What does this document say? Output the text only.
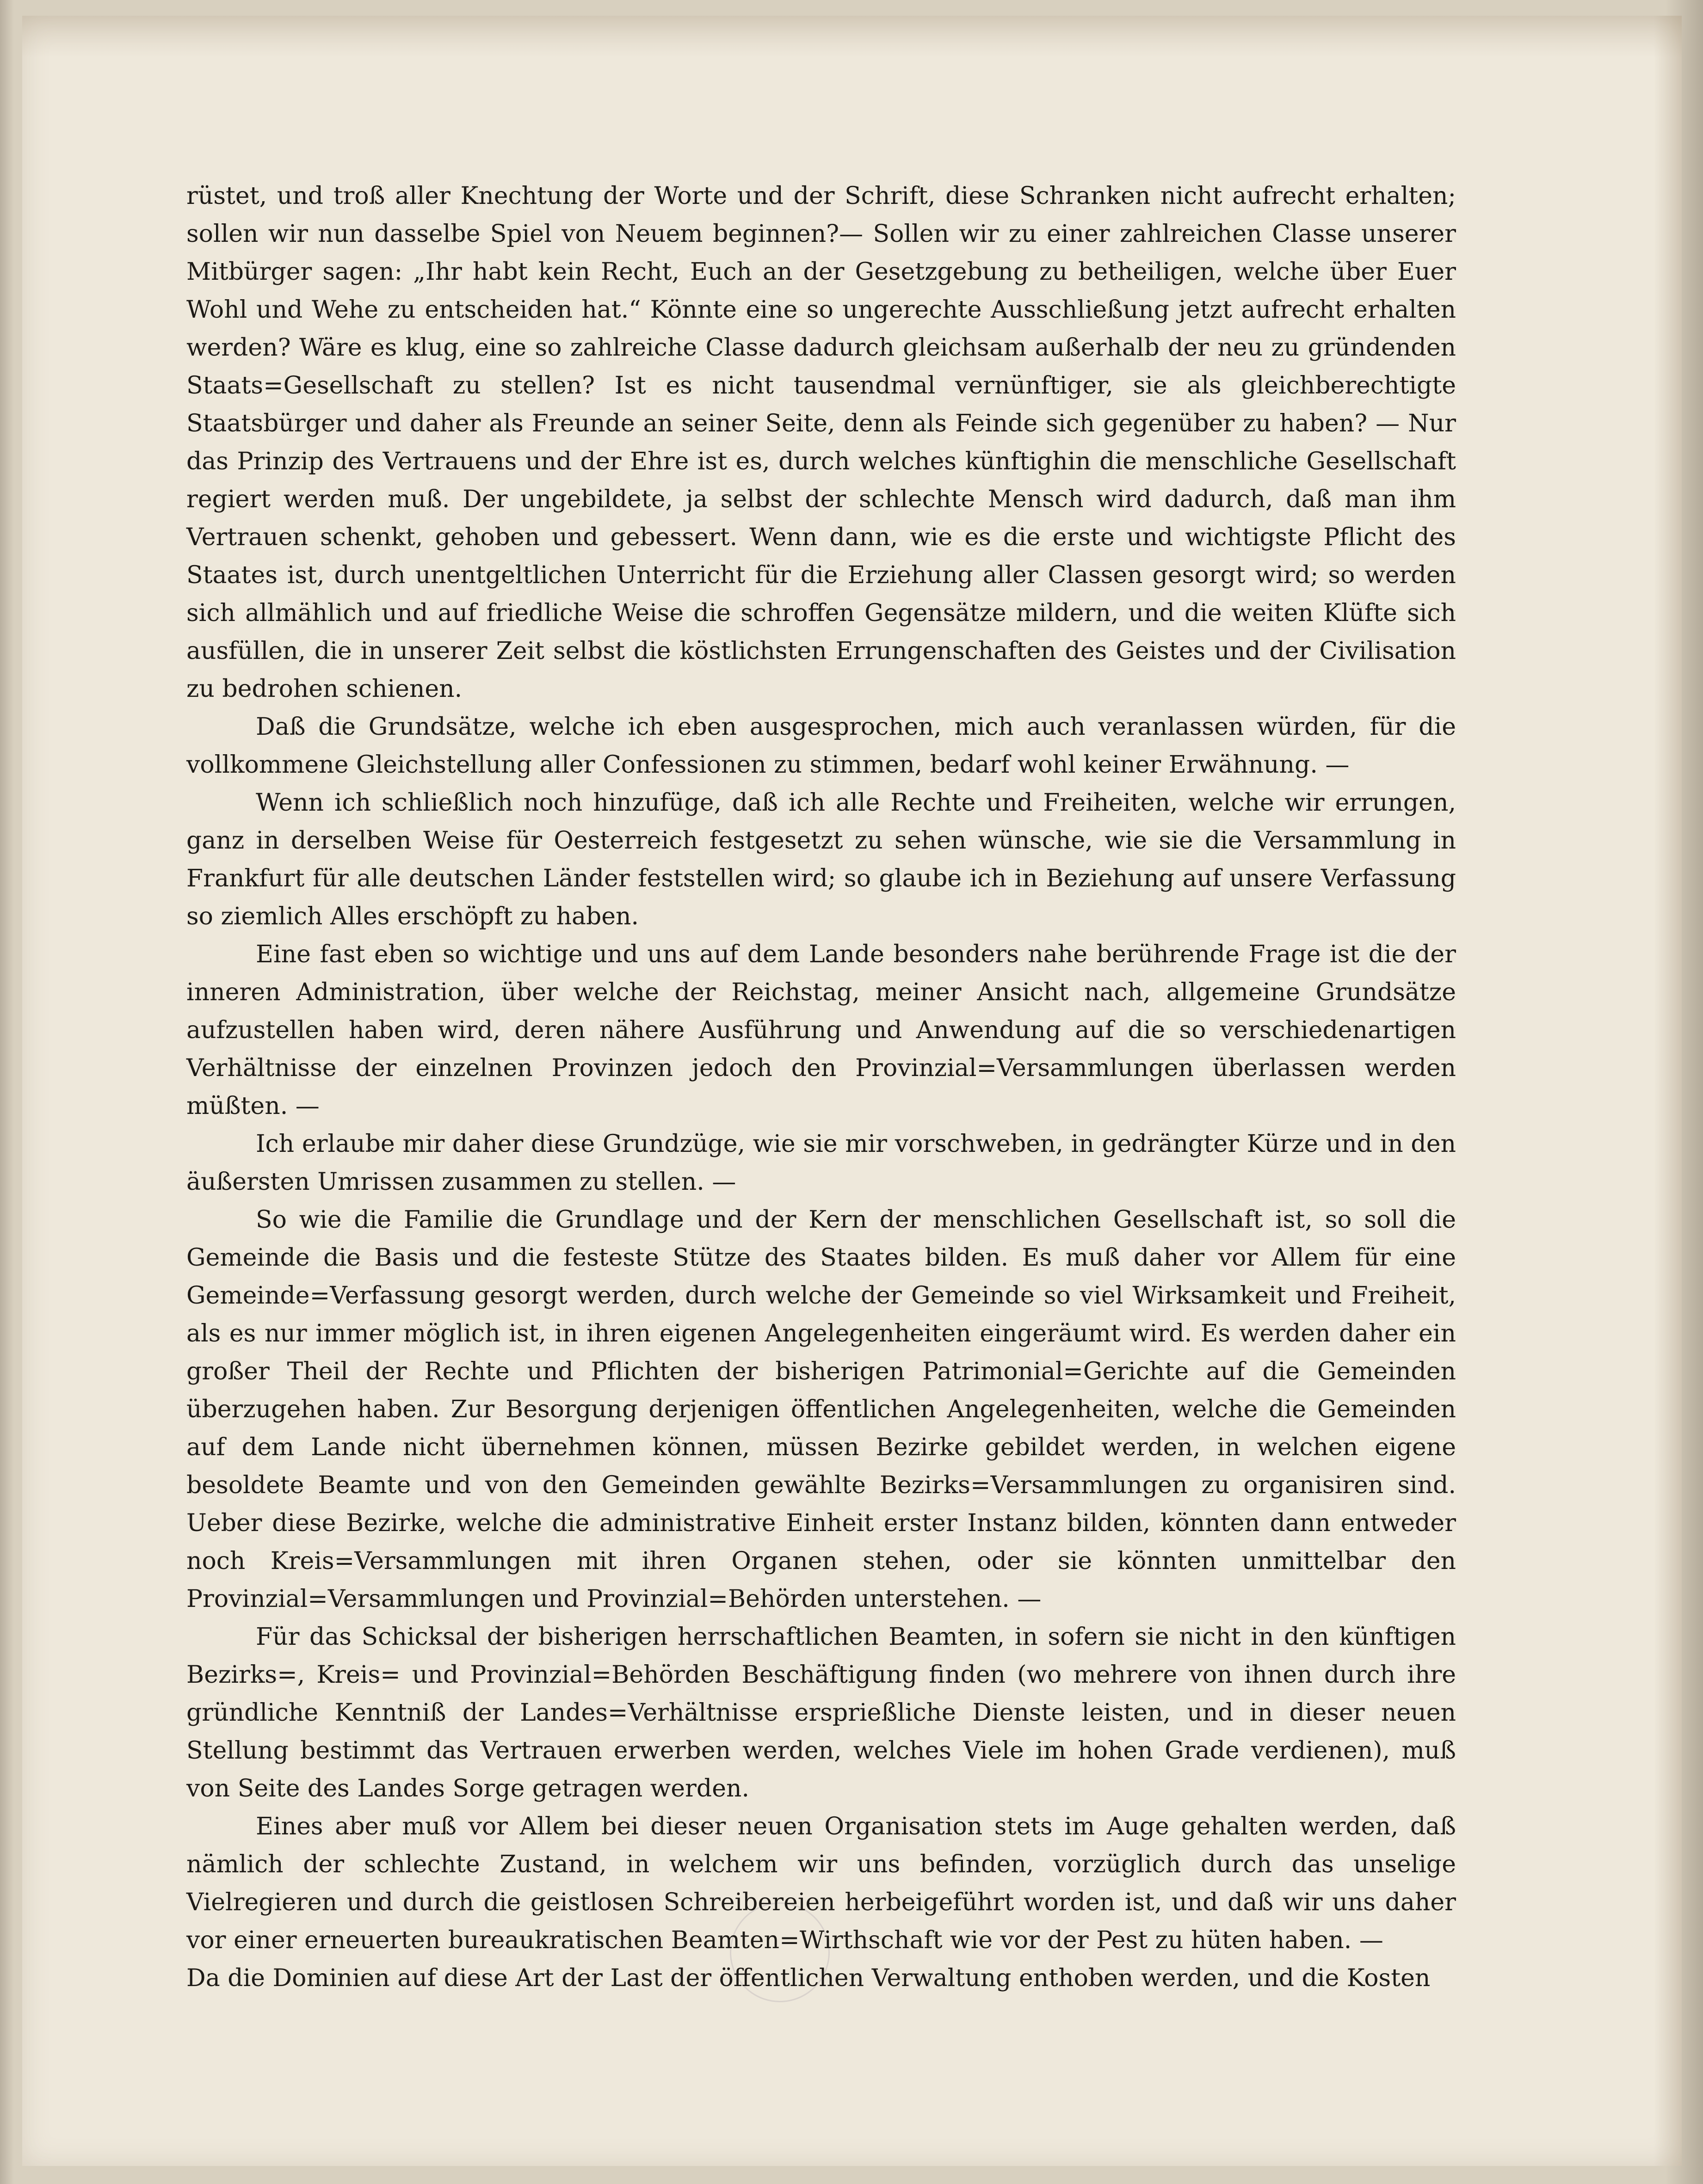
rüstet, und troß aller Knechtung der Worte und der Schrift, diese Schranken nicht aufrecht erhalten; sollen wir nun dasselbe Spiel von Neuem beginnen?— Sollen wir zu einer zahlreichen Classe unserer Mitbürger sagen: „Ihr habt kein Recht, Euch an der Gesetzgebung zu betheiligen, welche über Euer Wohl und Wehe zu entscheiden hat.“ Könnte eine so ungerechte Ausschließung jetzt aufrecht erhalten werden? Wäre es klug, eine so zahlreiche Classe dadurch gleichsam außerhalb der neu zu gründenden Staats=Gesellschaft zu stellen? Ist es nicht tausendmal vernünftiger, sie als gleichberechtigte Staatsbürger und daher als Freunde an seiner Seite, denn als Feinde sich gegenüber zu haben? — Nur das Prinzip des Vertrauens und der Ehre ist es, durch welches künftighin die menschliche Gesellschaft regiert werden muß. Der ungebildete, ja selbst der schlechte Mensch wird dadurch, daß man ihm Vertrauen schenkt, gehoben und gebessert. Wenn dann, wie es die erste und wichtigste Pflicht des Staates ist, durch unentgeltlichen Unterricht für die Erziehung aller Classen gesorgt wird; so werden sich allmählich und auf friedliche Weise die schroffen Gegensätze mildern, und die weiten Klüfte sich ausfüllen, die in unserer Zeit selbst die köstlichsten Errungenschaften des Geistes und der Civilisation zu bedrohen schienen.

Daß die Grundsätze, welche ich eben ausgesprochen, mich auch veranlassen würden, für die vollkommene Gleichstellung aller Confessionen zu stimmen, bedarf wohl keiner Erwähnung. —

Wenn ich schließlich noch hinzufüge, daß ich alle Rechte und Freiheiten, welche wir errungen, ganz in derselben Weise für Oesterreich festgesetzt zu sehen wünsche, wie sie die Versammlung in Frankfurt für alle deutschen Länder feststellen wird; so glaube ich in Beziehung auf unsere Verfassung so ziemlich Alles erschöpft zu haben.

Eine fast eben so wichtige und uns auf dem Lande besonders nahe berührende Frage ist die der inneren Administration, über welche der Reichstag, meiner Ansicht nach, allgemeine Grundsätze aufzustellen haben wird, deren nähere Ausführung und Anwendung auf die so verschiedenartigen Verhältnisse der einzelnen Provinzen jedoch den Provinzial=Versammlungen überlassen werden müßten. —

Ich erlaube mir daher diese Grundzüge, wie sie mir vorschweben, in gedrängter Kürze und in den äußersten Umrissen zusammen zu stellen. —

So wie die Familie die Grundlage und der Kern der menschlichen Gesellschaft ist, so soll die Gemeinde die Basis und die festeste Stütze des Staates bilden. Es muß daher vor Allem für eine Gemeinde=Verfassung gesorgt werden, durch welche der Gemeinde so viel Wirksamkeit und Freiheit, als es nur immer möglich ist, in ihren eigenen Angelegenheiten eingeräumt wird. Es werden daher ein großer Theil der Rechte und Pflichten der bisherigen Patrimonial=Gerichte auf die Gemeinden überzugehen haben. Zur Besorgung derjenigen öffentlichen Angelegenheiten, welche die Gemeinden auf dem Lande nicht übernehmen können, müssen Bezirke gebildet werden, in welchen eigene besoldete Beamte und von den Gemeinden gewählte Bezirks=Versammlungen zu organisiren sind. Ueber diese Bezirke, welche die administrative Einheit erster Instanz bilden, könnten dann entweder noch Kreis=Versammlungen mit ihren Organen stehen, oder sie könnten unmittelbar den Provinzial=Versammlungen und Provinzial=Behörden unterstehen. —

Für das Schicksal der bisherigen herrschaftlichen Beamten, in sofern sie nicht in den künftigen Bezirks=, Kreis= und Provinzial=Behörden Beschäftigung finden (wo mehrere von ihnen durch ihre gründliche Kenntniß der Landes=Verhältnisse ersprießliche Dienste leisten, und in dieser neuen Stellung bestimmt das Vertrauen erwerben werden, welches Viele im hohen Grade verdienen), muß von Seite des Landes Sorge getragen werden.

Eines aber muß vor Allem bei dieser neuen Organisation stets im Auge gehalten werden, daß nämlich der schlechte Zustand, in welchem wir uns befinden, vorzüglich durch das unselige Vielregieren und durch die geistlosen Schreibereien herbeigeführt worden ist, und daß wir uns daher vor einer erneuerten bureaukratischen Beamten=Wirthschaft wie vor der Pest zu hüten haben. —

Da die Dominien auf diese Art der Last der öffentlichen Verwaltung enthoben werden, und die Kosten
